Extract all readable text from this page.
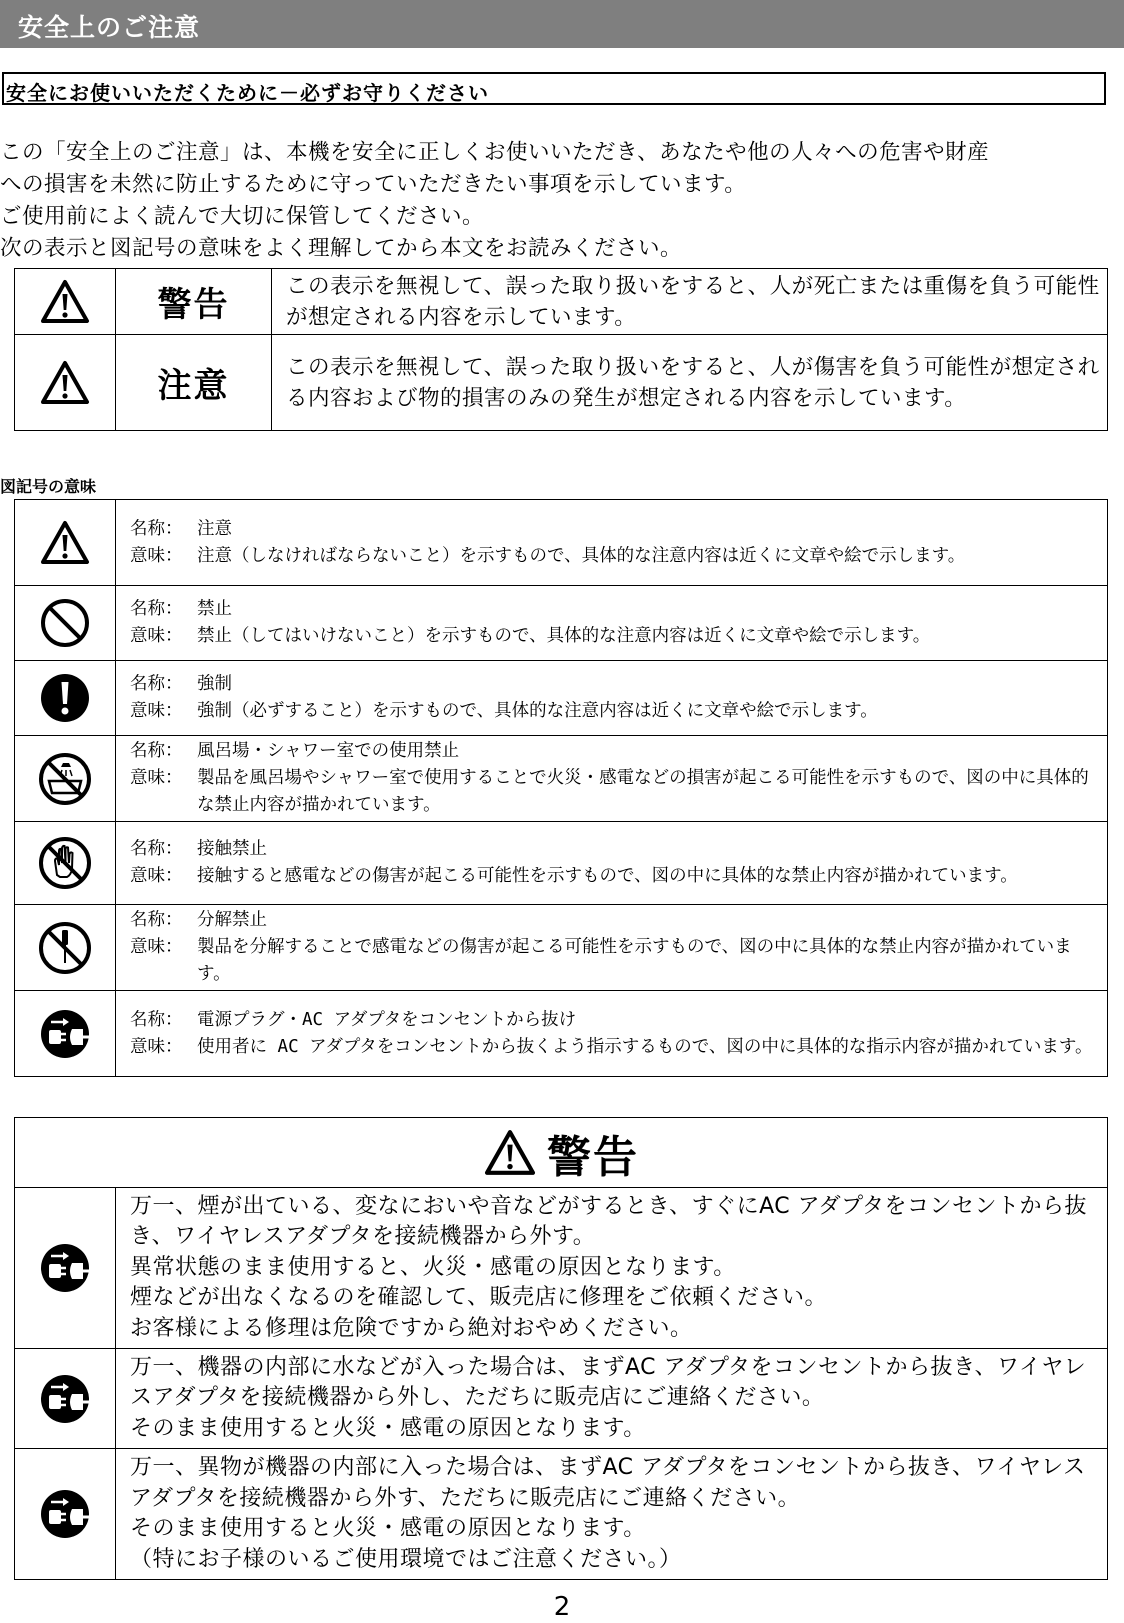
安全上のご注意
安全にお使いいただくために－必ずお守りください
この「安全上のご注意」は、本機を安全に正しくお使いいただき、あなたや他の人々への危害や財産
への損害を未然に防止するために守っていただきたい事項を示しています。
ご使用前によく読んで大切に保管してください。
次の表示と図記号の意味をよく理解してから本文をお読みください。
	警告	この表示を無視して、誤った取り扱いをすると、人が死亡または重傷を負う可能性が想定される内容を示しています。
	注意	この表示を無視して、誤った取り扱いをすると、人が傷害を負う可能性が想定される内容および物的損害のみの発生が想定される内容を示しています。
図記号の意味

名称： 注意
意味： 注意（しなければならないこと）を示すもので、具体的な注意内容は近くに文章や絵で示します。

名称： 禁止
意味： 禁止（してはいけないこと）を示すもので、具体的な注意内容は近くに文章や絵で示します。

名称： 強制
意味： 強制（必ずすること）を示すもので、具体的な注意内容は近くに文章や絵で示します。

名称： 風呂場・シャワー室での使用禁止
意味： 製品を風呂場やシャワー室で使用することで火災・感電などの損害が起こる可能性を示すもので、図の中に具体的な禁止内容が描かれています。

名称： 接触禁止
意味： 接触すると感電などの傷害が起こる可能性を示すもので、図の中に具体的な禁止内容が描かれています。

名称： 分解禁止
意味： 製品を分解することで感電などの傷害が起こる可能性を示すもので、図の中に具体的な禁止内容が描かれています。

名称： 電源プラグ・AC アダプタをコンセントから抜け
意味： 使用者に AC アダプタをコンセントから抜くよう指示するもので、図の中に具体的な指示内容が描かれています。
警告	

万一、煙が出ている、変なにおいや音などがするとき、すぐにAC アダプタをコンセントから抜き、ワイヤレスアダプタを接続機器から外す。
異常状態のまま使用すると、火災・感電の原因となります。
煙などが出なくなるのを確認して、販売店に修理をご依頼ください。
お客様による修理は危険ですから絶対おやめください。

万一、機器の内部に水などが入った場合は、まずAC アダプタをコンセントから抜き、ワイヤレスアダプタを接続機器から外し、ただちに販売店にご連絡ください。
そのまま使用すると火災・感電の原因となります。

万一、異物が機器の内部に入った場合は、まずAC アダプタをコンセントから抜き、ワイヤレスアダプタを接続機器から外す、ただちに販売店にご連絡ください。
そのまま使用すると火災・感電の原因となります。
（特にお子様のいるご使用環境ではご注意ください。）
2
